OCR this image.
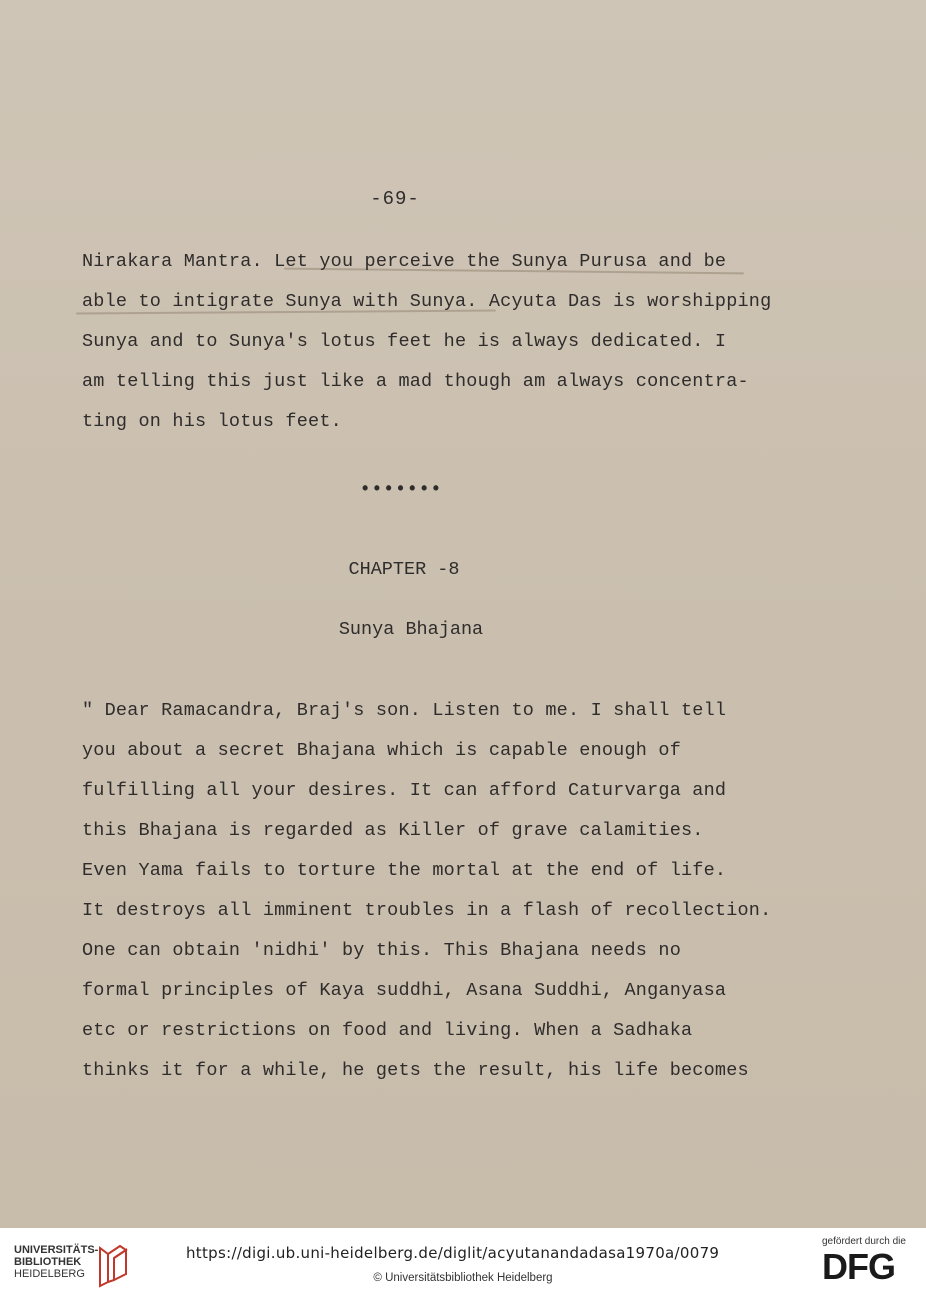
-69-
Nirakara Mantra. Let you perceive the Sunya Purusa and be
able to intigrate Sunya with Sunya. Acyuta Das is worshipping
Sunya and to Sunya's lotus feet he is always dedicated. I
am telling this just like a mad though am always concentra-
ting on his lotus feet.
•••••••
CHAPTER -8
Sunya Bhajana
" Dear Ramacandra, Braj's son. Listen to me. I shall tell
you about a secret Bhajana which is capable enough of
fulfilling all your desires. It can afford Caturvarga and
this Bhajana is regarded as Killer of grave calamities.
Even Yama fails to torture the mortal at the end of life.
It destroys all imminent troubles in a flash of recollection.
One can obtain 'nidhi' by this. This Bhajana needs no
formal principles of Kaya suddhi, Asana Suddhi, Anganyasa
etc or restrictions on food and living. When a Sadhaka
thinks it for a while, he gets the result, his life becomes
UNIVERSITÄTS-
BIBLIOTHEK
HEIDELBERG
https://digi.ub.uni-heidelberg.de/diglit/acyutanandadasa1970a/0079
© Universitätsbibliothek Heidelberg
gefördert durch die
DFG
